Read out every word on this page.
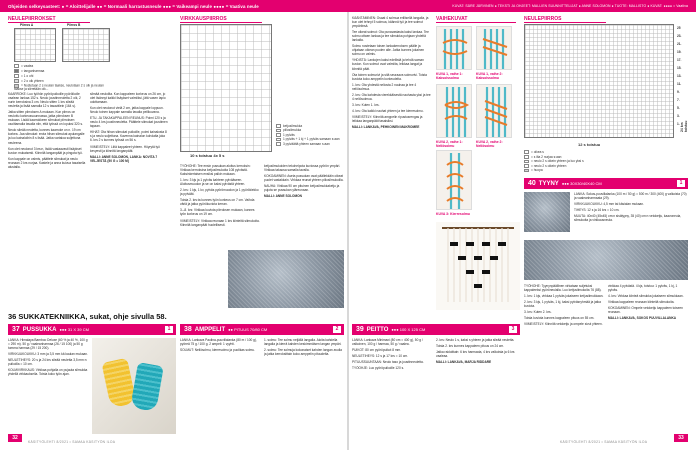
Ohjeiden selkeysasteet: ● = Aloittelijalle ●● = Normaali harrastusneule ●●● = Vaikeampi neule ●●●● = Vaativa neule	KUVAT: SÄRE JÄRVINEN ● TEKSTI JA OHJEET: MALLIEN SUUNNITTELIJAT ● ANNE SOLOMON ● TUOTE: MALLISTO ● KUVAT: ●●●● = Vaativa
NEULEPIIRROKSET
Piirros A	Piirros B
= vaalea
= tanganharmaa
= 1 o ohi
= 2 o oik yhteen
= Nostetaan 2 s neulan taakse, neulotaan 2 s oik ja neulan taakse ja siirretään oik...

KAARROKE: Luo työhön pyöröpuikoille pyöröikolle vaalean lankaa 152 s. Neulo joustinneuletta 2 oik, 2 nurin kerroksina 3 cm. Neulo sitten 1 krs sileää neuletta ja lisää samalla 12 s tasavälein (164 s).

Jatka sitten piirroksen A mukaan. Kun piirros on neulottu korkeussuunnassa, jatka piirroksen B mukaan. Lisää kaarrokkeen silmukat piirroksen osoittamalla tavalla niin, että työssä on lopuksi 320 s.

Neulo sileää neuletta, kunnes kaarroke on n. 19 cm korkea. Jaa silmukat: erota hihan silmukat apulangalle ja luo kainaloihin 8 s lisää. Jatka vartaloa suljettuna neuleena.

Kun olet neulonut 3 krs:n, lisää vastaavasti lisäykset kuvion mukaisesti. Kiinnitä langanpäät ja pingota työ.

Kun kappale on valmis, päättele silmukat ja neulo reunaan 2 krs nurjaa. Kastele ja anna kuivua tasaisella alustalla.

silmää neuloilta. Kun kappaleen korkeus on 26 cm, jo olet lisännyt kaikki lisäykset valmiiksi, jätä vasen lapio odottamaan.

Kun olet neulonut vielä 2 cm, jatka kappale loppuun. Neulo toinen kappale samalla tavalla peilikuvana.

ETU- JA TAKAKAPPALEEN REUNUS: Poimi 120 s ja neulo 4 krs joustinneuletta. Päättele silmukat joustimen tapaan.

HIHAT: Ota hihan silmukat puikoille, poimi kainalosta 8 s ja neulo suljettuna. Kavenna kainalon kohdalta joka 6. krs 2 s kunnes työssä on 56 s.

VIIMEISTELY: Liitä kappaleet yhteen. Höyrytä työ kevyesti ja kiinnitä langanpäät.

MALLI: ANNE SOLOMON, LANKA: NOVITA 7 VELJESTÄ (50 G = 100 M)

36 SUKKATEKNIIKKA, sukat, ohje sivulla 58.
VIRKKAUSPIIRROS
10 s toistuu 4x 5 s
ketjusilmukka
piilosilmukka
1 pylväs
1 pylväs + 1 kj + 1 pylväs samaan s:aan
3 pylväättä yhteen samaan s:aan

TYÖHOHE: Tee ensin pussukan aloitus kerroksin: Virkkaa kerroksina ketjusilmukoita 108 pylvästä. Kaksinkertaisen ensiksi palkin mukaan.

1. krs: 3 kjs ja 1 pylväs kahteen pylvääseen. Aloitusmuodon ja se on kaksi pylvästä yhteen.

2. krs: 1 kjs, 1 kv, pylväs pyörömuodon ja 1 pyörökiekko ja pylväät.

Toista 2. krs:ta kunnes työn korkeus on 7 cm. Vaihda väriä ja jatka pyörökuviota kerran.

3.–8. krs: Virkkaa kuviota piirroksen mukaan, kunnes työn korkeus on 19 cm.

VIIMEISTELY: Virkkaa reunaan 1 krs kiinteitä silmukoita. Kiinnitä langanpäät huolellisesti.

ketjusilmukoiden tekohelpota kuviossa pyörön ympäri. Virkkaa takaosa samalla tavalla.

KOKOAMINEN: Aseta pussukan osat päällekkäin oikeat puolet vastakkain. Virkkaa reunat yhteen piilosilmukoilla.

NAUHA: Virkkaa 90 cm pituinen ketjusilmukkaketju ja pujota se pussukan yläreunaan.

MALLI: ANNE SOLOMON

37 PUSSUKKA ●●● 31 X 39 CM	1

LANKA: Himalaya Bamboo Deluxe (60 % ja 40 %, 100 g = 290 m). 50 g / vaaleanharmaa (26 / 15 100) ja 50 g tumma harmaa (29 / 15 200).

VIRKKUUKOUKKU: 3 mm ja 3,5 mm kä kaulan mukaan.

NEULETIHEYS: 20 s ja 24 krs sileää neuletta 3,5 mm:n puikoilla = 10 cm.

KOLMIVIRKKAUS: Virkkaa pohjalla on pujauta silmukka yhdellä virkkauksella. Toista koko työn ajan.

38 AMPPELIT ●● PITUUS 70/80 CM	2

LANKA: Lankava Paulina-puuvillalanka (80 m / 100 g), pyöreä 75 g / 100 g. 2 ampeli: 1 vyyhti.

SOLMUT: Neliösolmu, kierresolmu ja puolikas solmu.

1. solmu: Tee solmu neljällä langalla. Aloita kahdella langalla ja kierrä kahden keskimmäisen langan ympäri.

2. solmu: Tee solmuja kokonaiset kahden langan avulla ja jatka kerroksittain koko amppelin pituudelta.

KÄÄNTÄMINEN: Osaat 4 solmua erillisellä langalla, ja kun olet tehnyt 5 solmua, käännä työ ja tee solmut ympäriinsä.

Tee oikeat solmut: Ota punavastasta kaksi lankaa. Tee solmu ottaen lankaa ja tee silmukka pohjaan yhdeltä lankalla.

Solmu nostetaan toisen lankakerroksen päälle ja ohjataan oikean puolen alle. Jatka kunnes jokainen solmu on valmis.

YHDISTÄ: Lankojen kaksi edellistä ja tehdä saman kuvion. Kun solmut ovat valmiita, leikkaa langat ja kiinnitä päät.

Ota toinen solmurivi ja sitä seuraava solmurivi. Toista kuviota koko amppelin korkeudelta.

1. krs: Ota yhdestä neliosta 2 nauhaa ja tee 4 neliösolmua.

2. krs: Ota kahdesta vierekkäisestä nauhasta yksi ja tee 4 neliösolmua.

3. krs: Kuten 1. krs.

4. krs: Ota kaikki nauhat yhteen ja tee kierresolmu.

VIIMEISTELY: Kiinnitä amppelin ripustusrengas ja leikkaa langanpäät tasaisiksi.

MALLI: LANKAVA, PEHKOINEN MAKROMEE

VAIHEKUVAT
KUVA 1, vaihe 1: Kaksoissolmu
KUVA 1, vaihe 2: Kaksoissolmu
KUVA 2, vaihe 1: Neliösolmu
KUVA 2, vaihe 2: Neliösolmu
KUVA 3: Kierresolmu
NEULEPIIRROS
25
23.
21.
19.
17.
15.
13.
11.
9.
7.
5.
3.
1.
12 s toistuu
24 krs toistuu
= oikea s
= s ilta 2 nurjaa s:aan
= neulo 2 s oikein yhteen ja luo yksi s
= neulo 2 s oikein yhteen
= huopa
40 TYYNY ●●● 30X30/40X40 CM	1

LANKA: Sokos-puuvillalanka (100 m / 50 g) = 500 m / 300 (400) g valkoista (70) ja vaaleanharmaata (29).

VIRKKUUKOUKKU: 4,5 mm tai käsialan mukaan.

TIHEYS: 12 s ja 16 krs = 10 cm.

MUUTA: 40x40 (45x45) cm:n sisätyyny, 35 (40) cm:n vetoketju, kaavoneula, silmukoita ja virkkausneula.

TYÖHOHE: Tyynynpäällinen virkataan suljetuksi kappaleeksi pyöröneulalla. Luo ketjusilmukoita 76 (88).

1. krs: 1 kjs, virkkaa 1 pylväs jokaiseen ketjusilmukkaan.

2. krs: 3 kjs, 1 pylväs, 1 kj, kaksi pylväsryhmää ja jatka kuviota.

3. krs: Kuten 2. krs.

Toista kuviota kunnes kappaleen pituus on 55 cm.

VIIMEISTELY: Kiinnitä vetoketju ja ompele sivut yhteen.

vinkkaa 4 pylvästä. 4 kjs, toistuu: 1 pylväs, 1 kj, 1 pylväs.

4. krs: Virkkaa kiinteä silmukka jokaiseen silmukkaan.

Virkkaa kappaleen reunaan kiinteitä silmukoita.

KOKOAMINEN: Ompele vetoketju kappaleen toiseen reunaan.

MALLI: LANKAVA, SOKOS PUUVILLALANKA

39 PEITTO ●●● 100 X 125 CM	3

LANKA: Lankava Minimaxi (80 cm = 400 g), 50 g / valkoinen, 100 g / harmaa, 50 g / vaalea.

PUIKOT: 80 cm pyöröpuikot 8 mm.

NEULETIHEYS: 12 s ja 17 krs = 10 cm.

PITUUSSUUNTAAN: Neulo taso ja joustinneuletta.

TYÖOHJE: Luo pyöröpuikoille 120 s.

2. krs: Neulo 1 s, kaksi s yhteen ja jatka sileää neuletta.

Toista 2. krs kunnes kappaleen pituus on 24 cm.

Jatka raidoittain: 6 krs harmaata, 4 krs valkoista ja 6 krs vaaleaa.

MALLI: LANKAVA, MARJA RIDDARE

32
KÄSITYÖLEHTI 8/2021 • SAMAA KÄSITYÖN ILOA	KÄSITYÖLEHTI 8/2021 • SAMAA KÄSITYÖN ILOA
33
